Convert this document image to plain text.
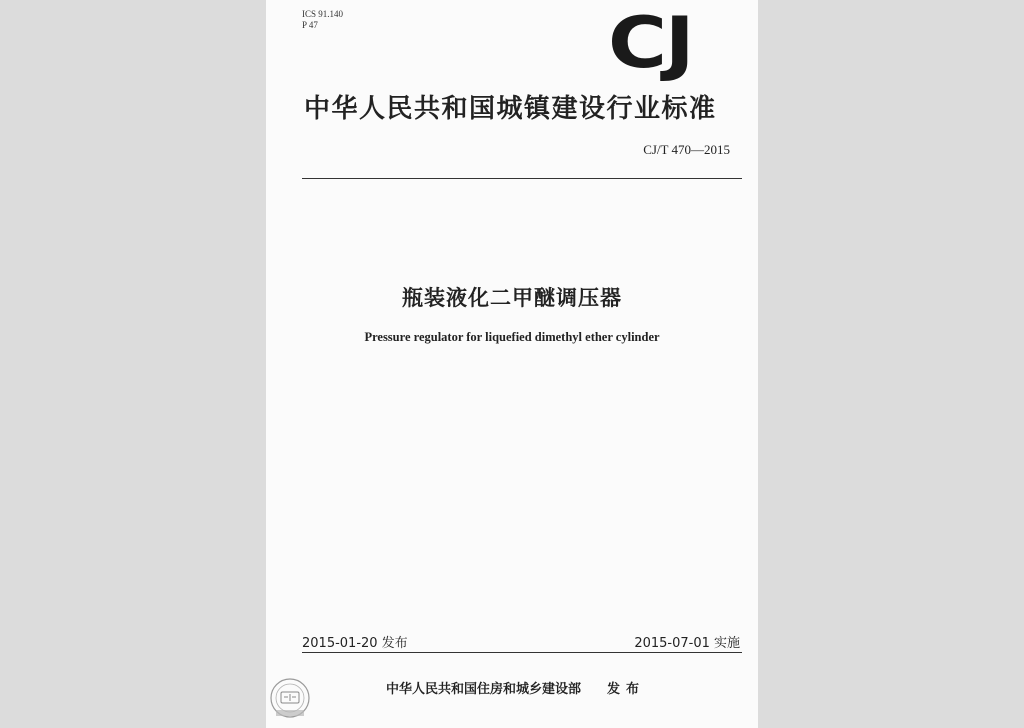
ICS 91.140
P 47	CJ
中华人民共和国城镇建设行业标准
CJ/T 470—2015
瓶装液化二甲醚调压器
Pressure regulator for liquefied dimethyl ether cylinder
2015-01-20 发布	2015-07-01 实施
中华人民共和国住房和城乡建设部 发布
